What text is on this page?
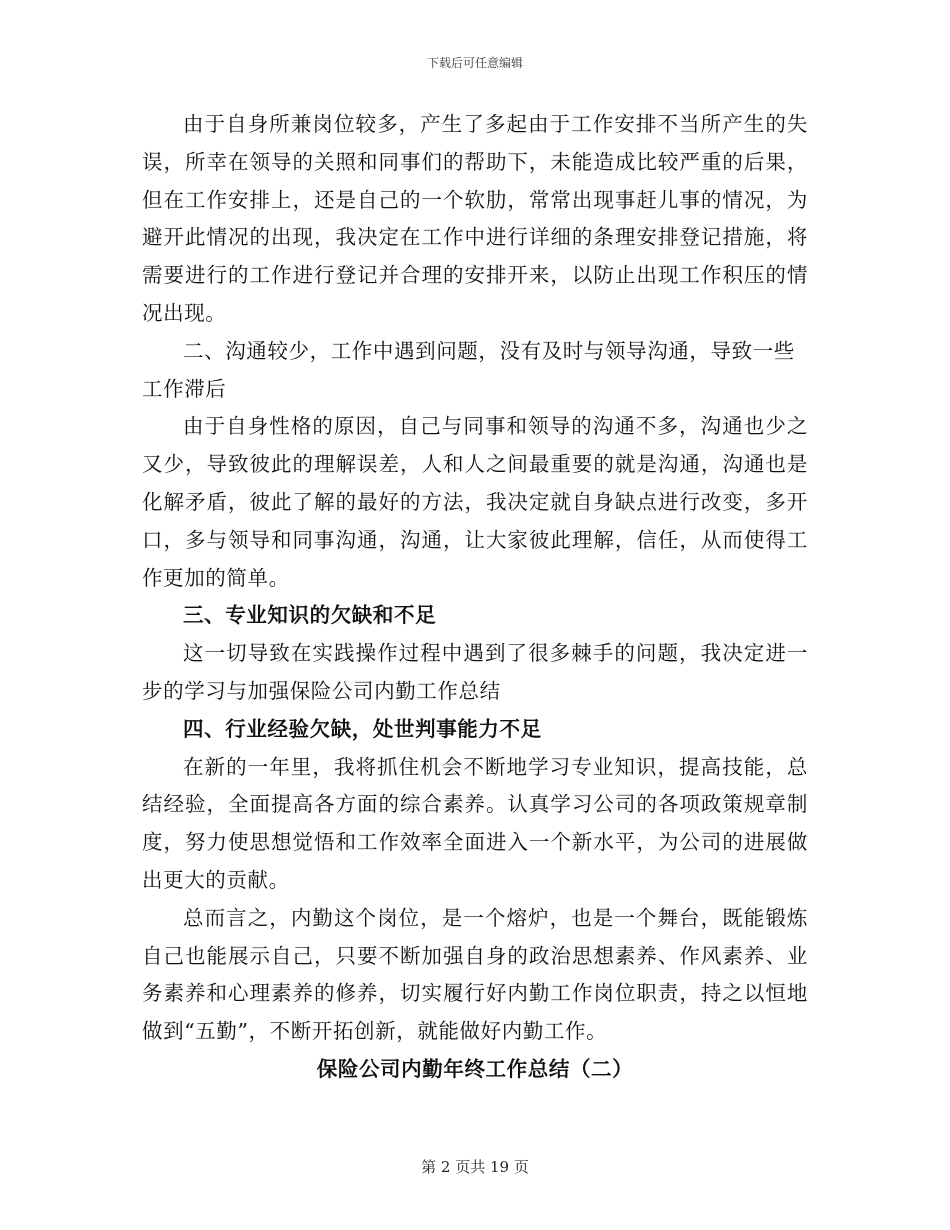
下载后可任意编辑

由于自身所兼岗位较多，产生了多起由于工作安排不当所产生的失误，所幸在领导的关照和同事们的帮助下，未能造成比较严重的后果，但在工作安排上，还是自己的一个软肋，常常出现事赶儿事的情况，为避开此情况的出现，我决定在工作中进行详细的条理安排登记措施，将需要进行的工作进行登记并合理的安排开来，以防止出现工作积压的情况出现。

二、沟通较少，工作中遇到问题，没有及时与领导沟通，导致一些工作滞后

由于自身性格的原因，自己与同事和领导的沟通不多，沟通也少之又少，导致彼此的理解误差，人和人之间最重要的就是沟通，沟通也是化解矛盾，彼此了解的最好的方法，我决定就自身缺点进行改变，多开口，多与领导和同事沟通，沟通，让大家彼此理解，信任，从而使得工作更加的简单。

三、专业知识的欠缺和不足

这一切导致在实践操作过程中遇到了很多棘手的问题，我决定进一步的学习与加强保险公司内勤工作总结

四、行业经验欠缺，处世判事能力不足

在新的一年里，我将抓住机会不断地学习专业知识，提高技能，总结经验，全面提高各方面的综合素养。认真学习公司的各项政策规章制度，努力使思想觉悟和工作效率全面进入一个新水平，为公司的进展做出更大的贡献。

总而言之，内勤这个岗位，是一个熔炉，也是一个舞台，既能锻炼自己也能展示自己，只要不断加强自身的政治思想素养、作风素养、业务素养和心理素养的修养，切实履行好内勤工作岗位职责，持之以恒地做到“五勤”，不断开拓创新，就能做好内勤工作。

保险公司内勤年终工作总结（二）

第 2 页共 19 页
